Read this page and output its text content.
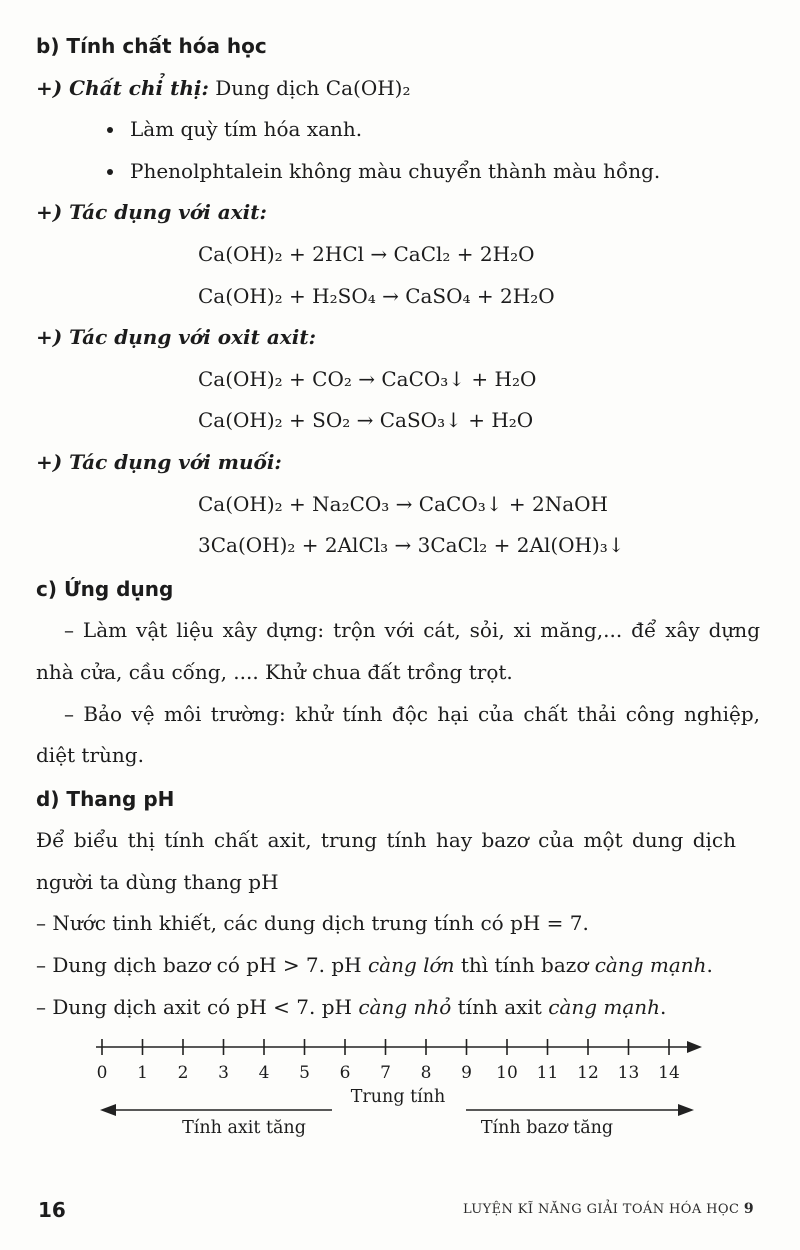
b) Tính chất hóa học

+) Chất chỉ thị: Dung dịch Ca(OH)₂

• Làm quỳ tím hóa xanh.
• Phenolphtalein không màu chuyển thành màu hồng.

+) Tác dụng với axit:

Ca(OH)₂ + 2HCl → CaCl₂ + 2H₂O
Ca(OH)₂ + H₂SO₄ → CaSO₄ + 2H₂O

+) Tác dụng với oxit axit:

Ca(OH)₂ + CO₂ → CaCO₃↓ + H₂O
Ca(OH)₂ + SO₂ → CaSO₃↓ + H₂O

+) Tác dụng với muối:

Ca(OH)₂ + Na₂CO₃ → CaCO₃↓ + 2NaOH
3Ca(OH)₂ + 2AlCl₃ → 3CaCl₂ + 2Al(OH)₃↓
c) Ứng dụng

– Làm vật liệu xây dựng: trộn với cát, sỏi, xi măng,... để xây dựng nhà cửa, cầu cống, .... Khử chua đất trồng trọt.

– Bảo vệ môi trường: khử tính độc hại của chất thải công nghiệp, diệt trùng.

d) Thang pH

Để biểu thị tính chất axit, trung tính hay bazơ của một dung dịch người ta dùng thang pH

– Nước tinh khiết, các dung dịch trung tính có pH = 7.

– Dung dịch bazơ có pH > 7. pH càng lớn thì tính bazơ càng mạnh.

– Dung dịch axit có pH < 7. pH càng nhỏ tính axit càng mạnh.

0 1 2 3 4 5 6 7 8 9 10 11 12 13 14
Trung tính
Tính axit tăng	Tính bazơ tăng
16	LUYỆN KĨ NĂNG GIẢI TOÁN HÓA HỌC 9
